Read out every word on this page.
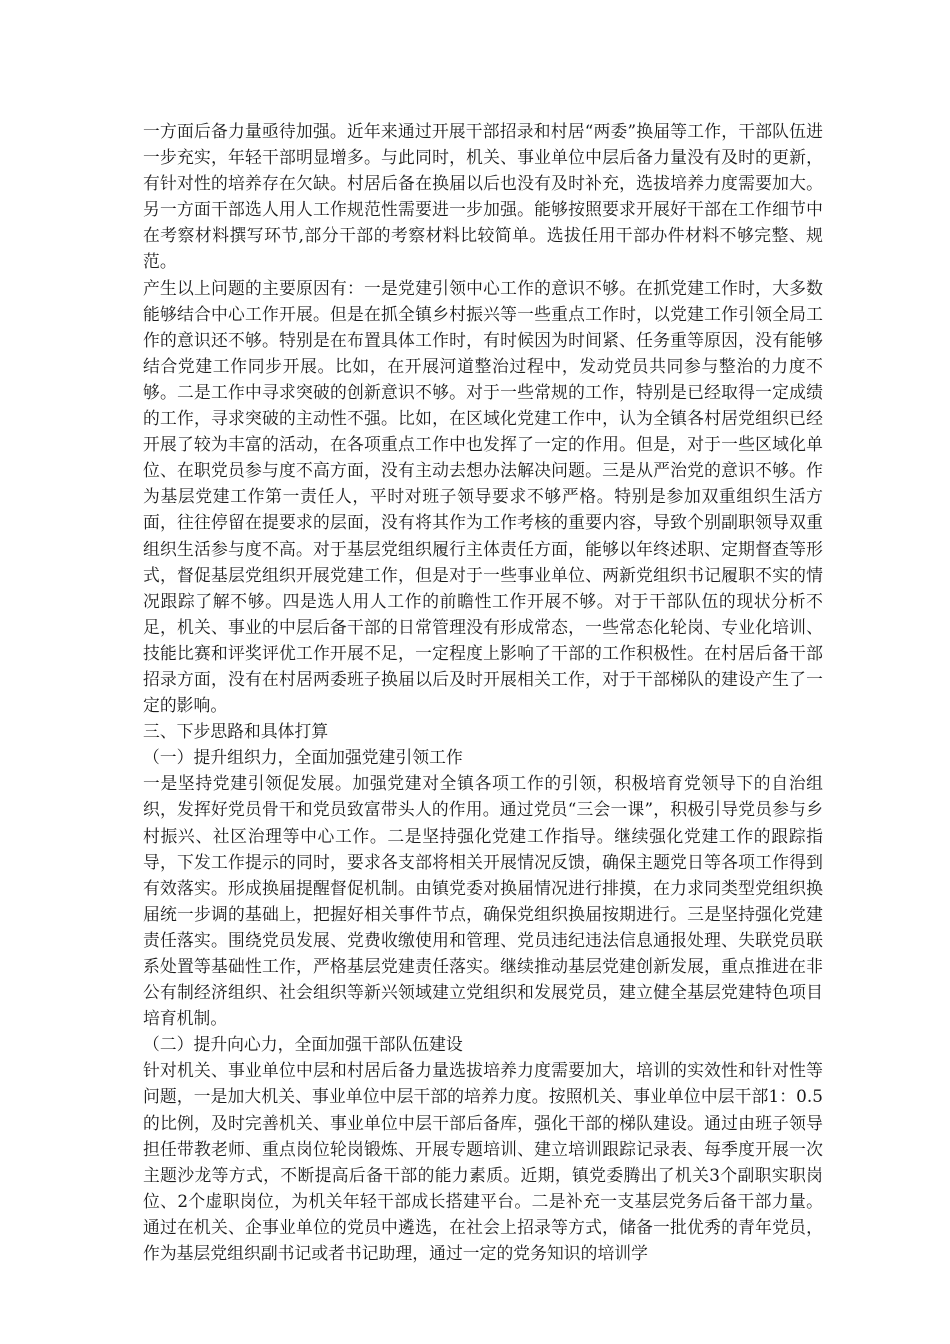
一方面后备力量亟待加强。近年来通过开展干部招录和村居“两委”换届等工作，干部队伍进一步充实，年轻干部明显增多。与此同时，机关、事业单位中层后备力量没有及时的更新，有针对性的培养存在欠缺。村居后备在换届以后也没有及时补充，选拔培养力度需要加大。另一方面干部选人用人工作规范性需要进一步加强。能够按照要求开展好干部在工作细节中在考察材料撰写环节,部分干部的考察材料比较简单。选拔任用干部办件材料不够完整、规范。

产生以上问题的主要原因有：一是党建引领中心工作的意识不够。在抓党建工作时，大多数能够结合中心工作开展。但是在抓全镇乡村振兴等一些重点工作时，以党建工作引领全局工作的意识还不够。特别是在布置具体工作时，有时候因为时间紧、任务重等原因，没有能够结合党建工作同步开展。比如，在开展河道整治过程中，发动党员共同参与整治的力度不够。二是工作中寻求突破的创新意识不够。对于一些常规的工作，特别是已经取得一定成绩的工作，寻求突破的主动性不强。比如，在区域化党建工作中，认为全镇各村居党组织已经开展了较为丰富的活动，在各项重点工作中也发挥了一定的作用。但是，对于一些区域化单位、在职党员参与度不高方面，没有主动去想办法解决问题。三是从严治党的意识不够。作为基层党建工作第一责任人，平时对班子领导要求不够严格。特别是参加双重组织生活方面，往往停留在提要求的层面，没有将其作为工作考核的重要内容，导致个别副职领导双重组织生活参与度不高。对于基层党组织履行主体责任方面，能够以年终述职、定期督查等形式，督促基层党组织开展党建工作，但是对于一些事业单位、两新党组织书记履职不实的情况跟踪了解不够。四是选人用人工作的前瞻性工作开展不够。对于干部队伍的现状分析不足，机关、事业的中层后备干部的日常管理没有形成常态，一些常态化轮岗、专业化培训、技能比赛和评奖评优工作开展不足，一定程度上影响了干部的工作积极性。在村居后备干部招录方面，没有在村居两委班子换届以后及时开展相关工作，对于干部梯队的建设产生了一定的影响。

三、下步思路和具体打算

（一）提升组织力，全面加强党建引领工作

一是坚持党建引领促发展。加强党建对全镇各项工作的引领，积极培育党领导下的自治组织，发挥好党员骨干和党员致富带头人的作用。通过党员“三会一课”，积极引导党员参与乡村振兴、社区治理等中心工作。二是坚持强化党建工作指导。继续强化党建工作的跟踪指导，下发工作提示的同时，要求各支部将相关开展情况反馈，确保主题党日等各项工作得到有效落实。形成换届提醒督促机制。由镇党委对换届情况进行排摸，在力求同类型党组织换届统一步调的基础上，把握好相关事件节点，确保党组织换届按期进行。三是坚持强化党建责任落实。围绕党员发展、党费收缴使用和管理、党员违纪违法信息通报处理、失联党员联系处置等基础性工作，严格基层党建责任落实。继续推动基层党建创新发展，重点推进在非公有制经济组织、社会组织等新兴领域建立党组织和发展党员，建立健全基层党建特色项目培育机制。

（二）提升向心力，全面加强干部队伍建设

针对机关、事业单位中层和村居后备力量选拔培养力度需要加大，培训的实效性和针对性等问题，一是加大机关、事业单位中层干部的培养力度。按照机关、事业单位中层干部1：0.5的比例，及时完善机关、事业单位中层干部后备库，强化干部的梯队建设。通过由班子领导担任带教老师、重点岗位轮岗锻炼、开展专题培训、建立培训跟踪记录表、每季度开展一次主题沙龙等方式，不断提高后备干部的能力素质。近期，镇党委腾出了机关3个副职实职岗位、2个虚职岗位，为机关年轻干部成长搭建平台。二是补充一支基层党务后备干部力量。通过在机关、企事业单位的党员中遴选，在社会上招录等方式，储备一批优秀的青年党员，作为基层党组织副书记或者书记助理，通过一定的党务知识的培训学
